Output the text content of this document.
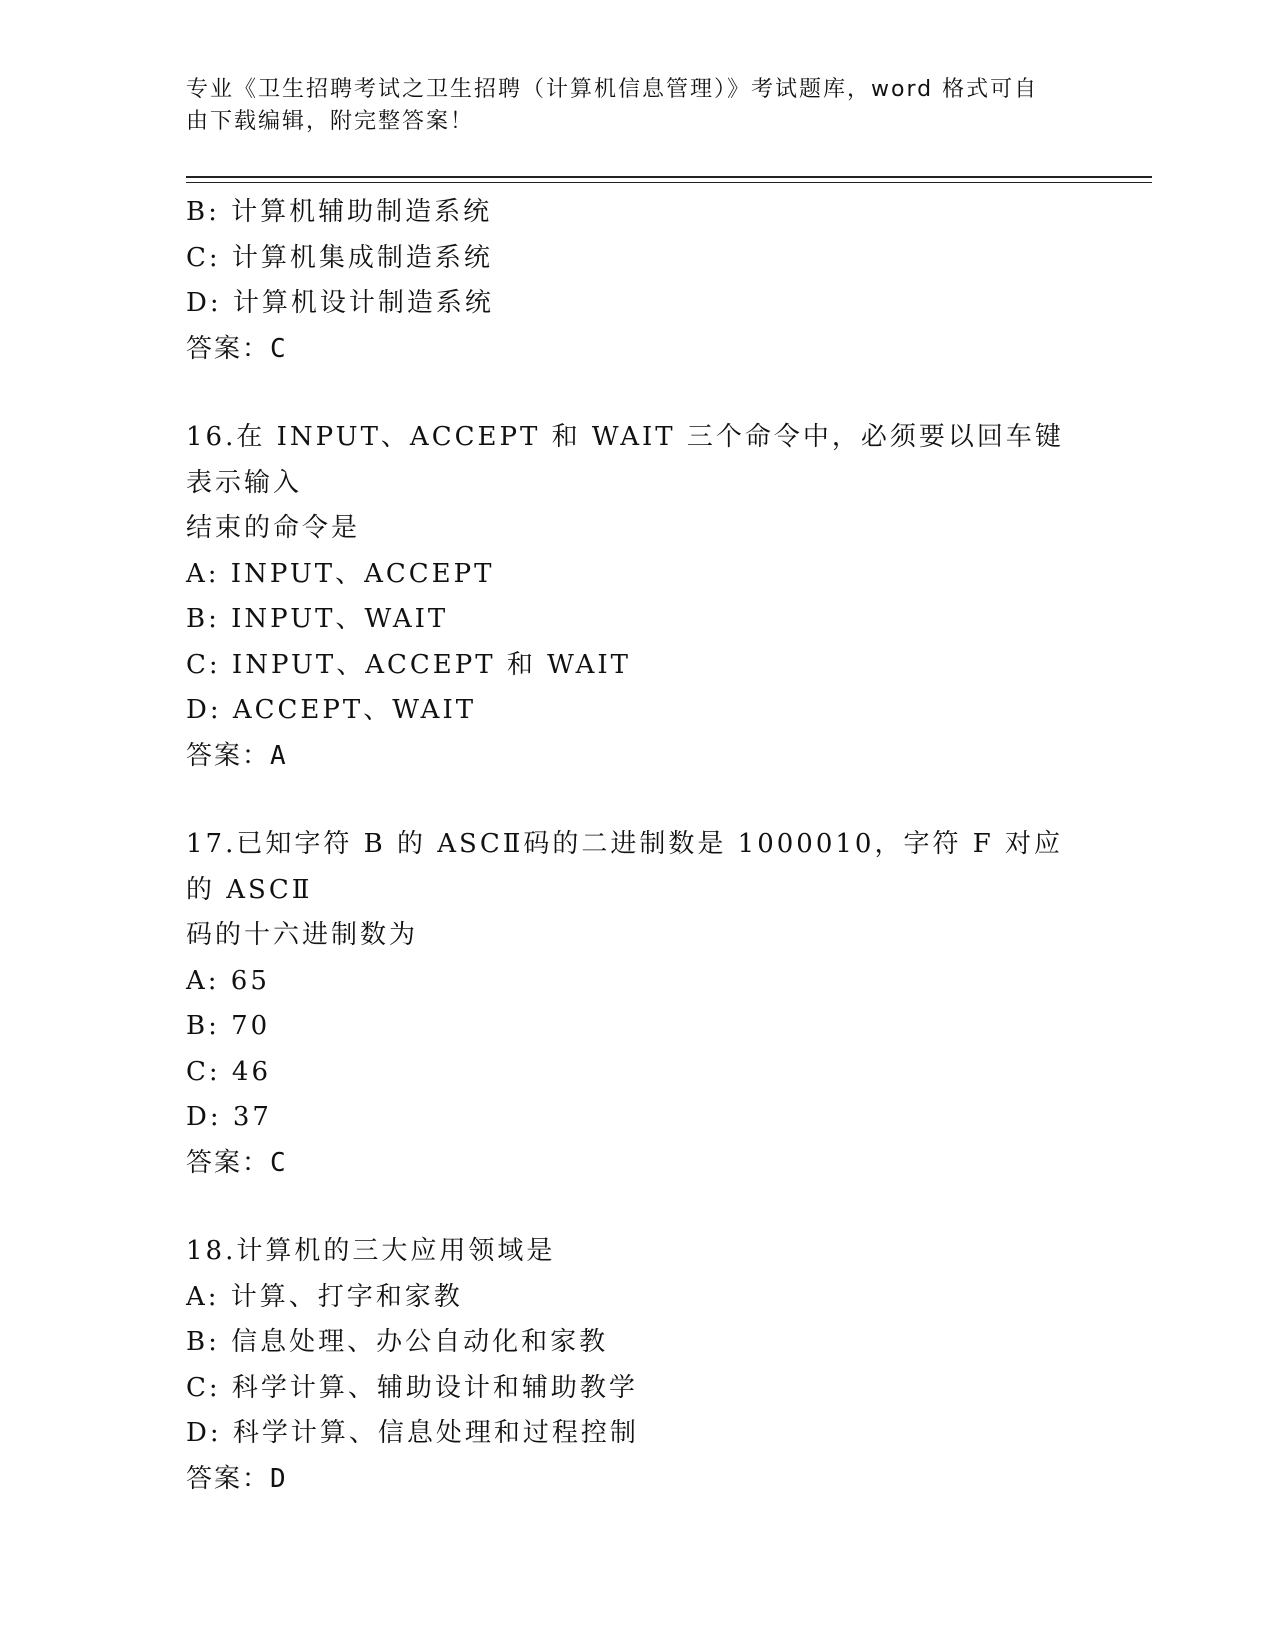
专业《卫生招聘考试之卫生招聘（计算机信息管理）》考试题库，word 格式可自
由下载编辑，附完整答案！
B: 计算机辅助制造系统
C: 计算机集成制造系统
D: 计算机设计制造系统
答案：C
16.在 INPUT、ACCEPT 和 WAIT 三个命令中，必须要以回车键表示输入
结束的命令是
A: INPUT、ACCEPT
B: INPUT、WAIT
C: INPUT、ACCEPT 和 WAIT
D: ACCEPT、WAIT
答案：A
17.已知字符 B 的 ASCⅡ码的二进制数是 1000010，字符 F 对应的 ASCⅡ
码的十六进制数为
A: 65
B: 70
C: 46
D: 37
答案：C
18.计算机的三大应用领域是
A: 计算、打字和家教
B: 信息处理、办公自动化和家教
C: 科学计算、辅助设计和辅助教学
D: 科学计算、信息处理和过程控制
答案：D
